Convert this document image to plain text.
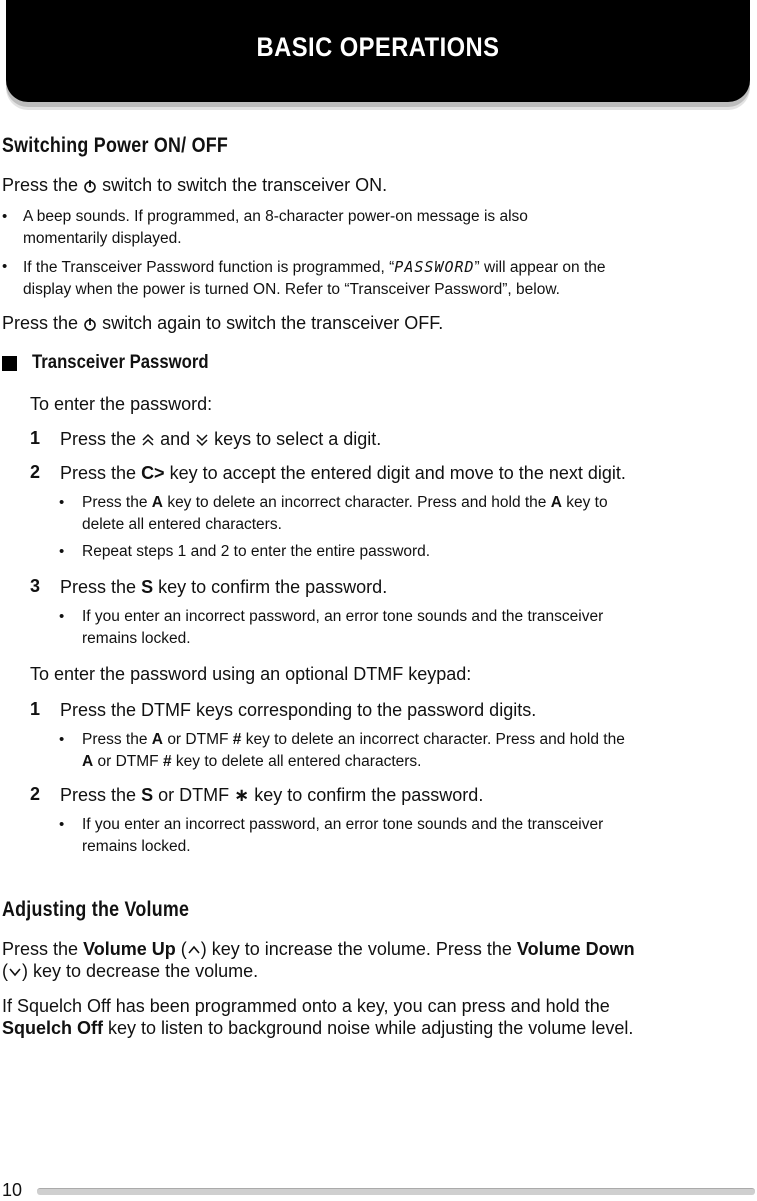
BASIC OPERATIONS
Switching Power ON/ OFF
Press the switch to switch the transceiver ON.
• A beep sounds. If programmed, an 8-character power-on message is also
momentarily displayed.
• If the Transceiver Password function is programmed, “PASSWORD” will appear on the
display when the power is turned ON. Refer to “Transceiver Password”, below.
Press the switch again to switch the transceiver OFF.
Transceiver Password
To enter the password:
1 Press the and keys to select a digit.
2 Press the C> key to accept the entered digit and move to the next digit.
• Press the A key to delete an incorrect character. Press and hold the A key to
delete all entered characters.
• Repeat steps 1 and 2 to enter the entire password.
3 Press the S key to confirm the password.
• If you enter an incorrect password, an error tone sounds and the transceiver
remains locked.
To enter the password using an optional DTMF keypad:
1 Press the DTMF keys corresponding to the password digits.
• Press the A or DTMF # key to delete an incorrect character. Press and hold the
A or DTMF # key to delete all entered characters.
2 Press the S or DTMF ∗ key to confirm the password.
• If you enter an incorrect password, an error tone sounds and the transceiver
remains locked.
Adjusting the Volume
Press the Volume Up ( ) key to increase the volume. Press the Volume Down
( ) key to decrease the volume.
If Squelch Off has been programmed onto a key, you can press and hold the
Squelch Off key to listen to background noise while adjusting the volume level.
10
